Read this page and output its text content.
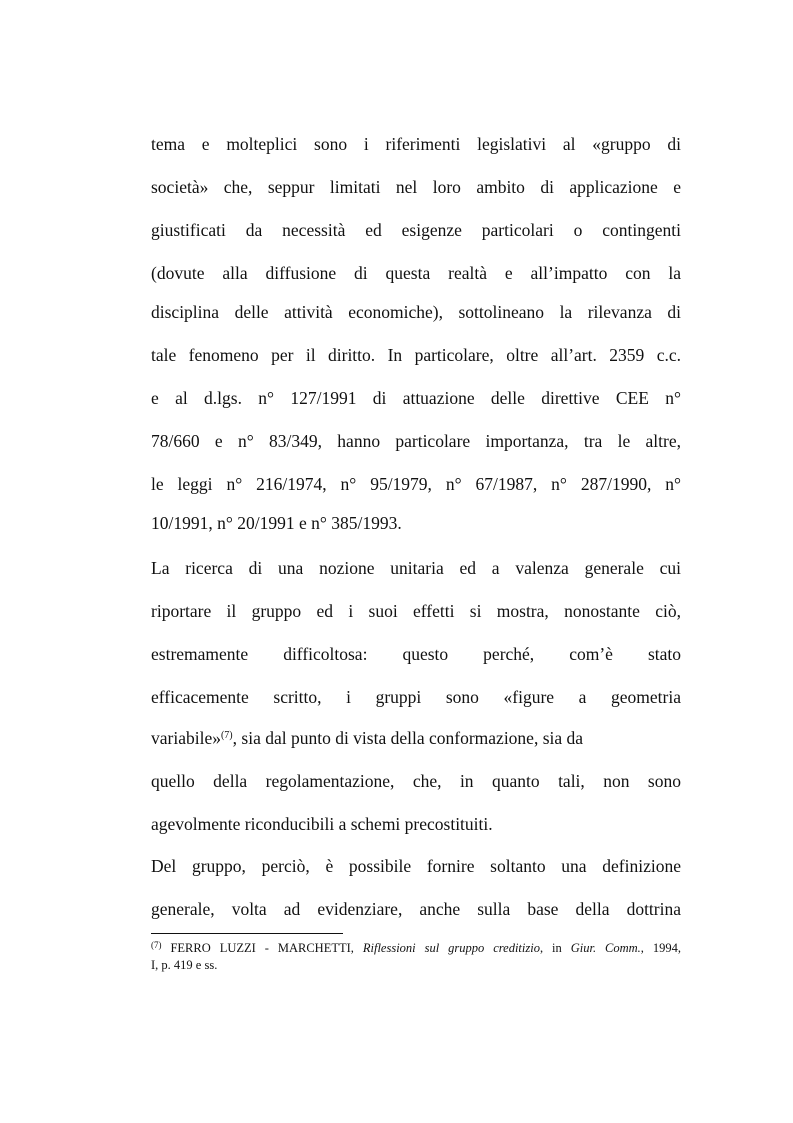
tema e molteplici sono i riferimenti legislativi al «gruppo di
società» che, seppur limitati nel loro ambito di applicazione e
giustificati da necessità ed esigenze particolari o contingenti
(dovute alla diffusione di questa realtà e all’impatto con la
disciplina delle attività economiche), sottolineano la rilevanza di
tale fenomeno per il diritto. In particolare, oltre all’art. 2359 c.c.
e al d.lgs. n° 127/1991 di attuazione delle direttive CEE n°
78/660 e n° 83/349, hanno particolare importanza, tra le altre,
le leggi n° 216/1974, n° 95/1979, n° 67/1987, n° 287/1990, n°
10/1991, n° 20/1991 e n° 385/1993.
La ricerca di una nozione unitaria ed a valenza generale cui
riportare il gruppo ed i suoi effetti si mostra, nonostante ciò,
estremamente difficoltosa: questo perché, com’è stato
efficacemente scritto, i gruppi sono «figure a geometria
variabile»$^{(7)}$, sia dal punto di vista della conformazione, sia da
quello della regolamentazione, che, in quanto tali, non sono
agevolmente riconducibili a schemi precostituiti.
Del gruppo, perciò, è possibile fornire soltanto una definizione
generale, volta ad evidenziare, anche sulla base della dottrina
$^{(7)}$ FERRO LUZZI - MARCHETTI, Riflessioni sul gruppo creditizio, in Giur. Comm., 1994,
I, p. 419 e ss.
